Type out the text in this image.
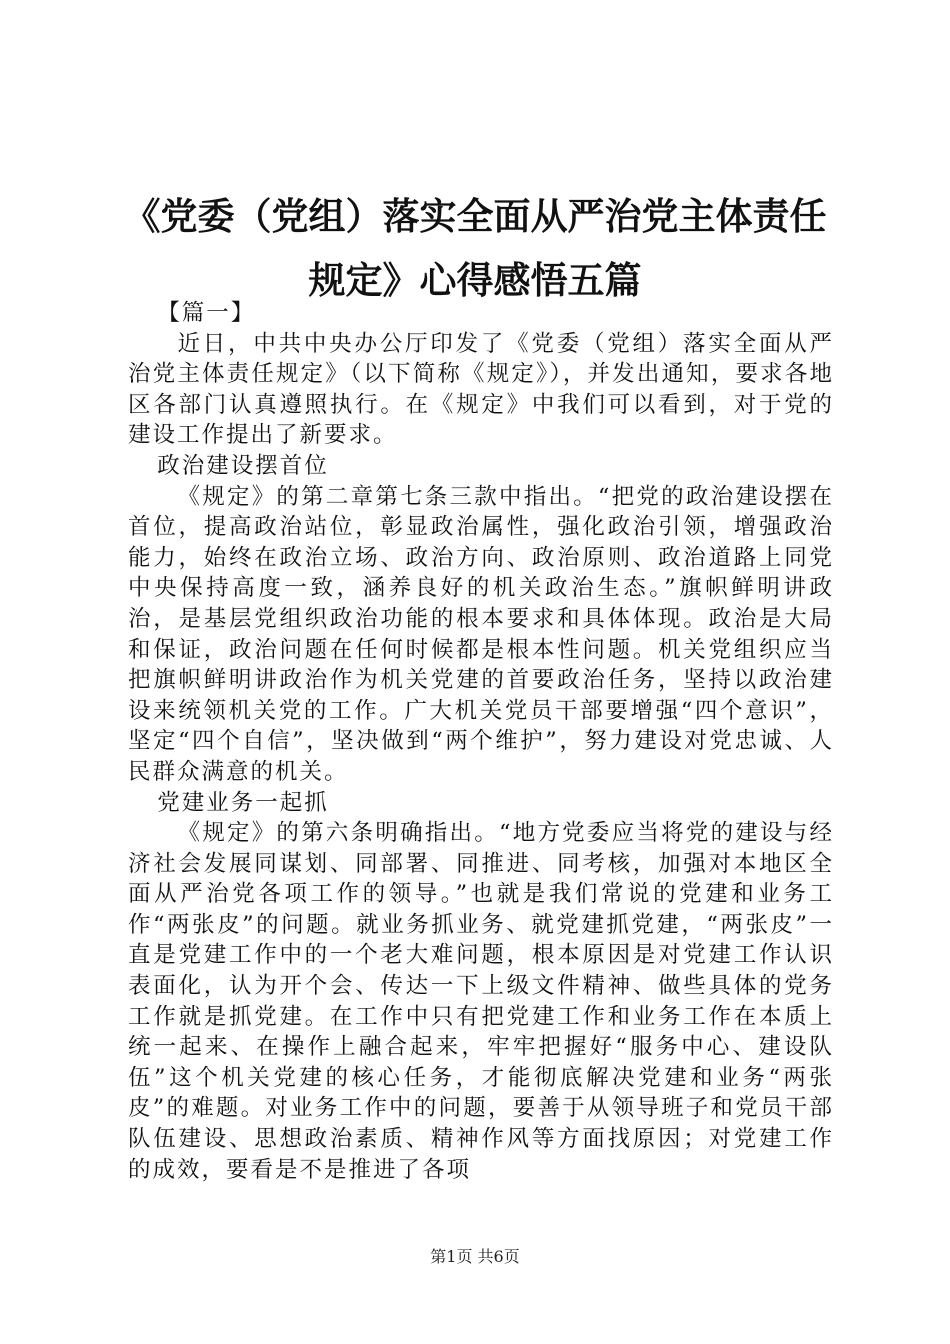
《党委（党组）落实全面从严治党主体责任规定》心得感悟五篇

【篇一】

近日，中共中央办公厅印发了《党委（党组）落实全面从严治党主体责任规定》（以下简称《规定》），并发出通知，要求各地区各部门认真遵照执行。在《规定》中我们可以看到，对于党的建设工作提出了新要求。

政治建设摆首位

《规定》的第二章第七条三款中指出。“把党的政治建设摆在首位，提高政治站位，彰显政治属性，强化政治引领，增强政治能力，始终在政治立场、政治方向、政治原则、政治道路上同党中央保持高度一致，涵养良好的机关政治生态。”旗帜鲜明讲政治，是基层党组织政治功能的根本要求和具体体现。政治是大局和保证，政治问题在任何时候都是根本性问题。机关党组织应当把旗帜鲜明讲政治作为机关党建的首要政治任务，坚持以政治建设来统领机关党的工作。广大机关党员干部要增强“四个意识”，坚定“四个自信”，坚决做到“两个维护”，努力建设对党忠诚、人民群众满意的机关。

党建业务一起抓

《规定》的第六条明确指出。“地方党委应当将党的建设与经济社会发展同谋划、同部署、同推进、同考核，加强对本地区全面从严治党各项工作的领导。”也就是我们常说的党建和业务工作“两张皮”的问题。就业务抓业务、就党建抓党建，“两张皮”一直是党建工作中的一个老大难问题，根本原因是对党建工作认识表面化，认为开个会、传达一下上级文件精神、做些具体的党务工作就是抓党建。在工作中只有把党建工作和业务工作在本质上统一起来、在操作上融合起来，牢牢把握好“服务中心、建设队伍”这个机关党建的核心任务，才能彻底解决党建和业务“两张皮”的难题。对业务工作中的问题，要善于从领导班子和党员干部队伍建设、思想政治素质、精神作风等方面找原因；对党建工作的成效，要看是不是推进了各项

第1页 共6页
